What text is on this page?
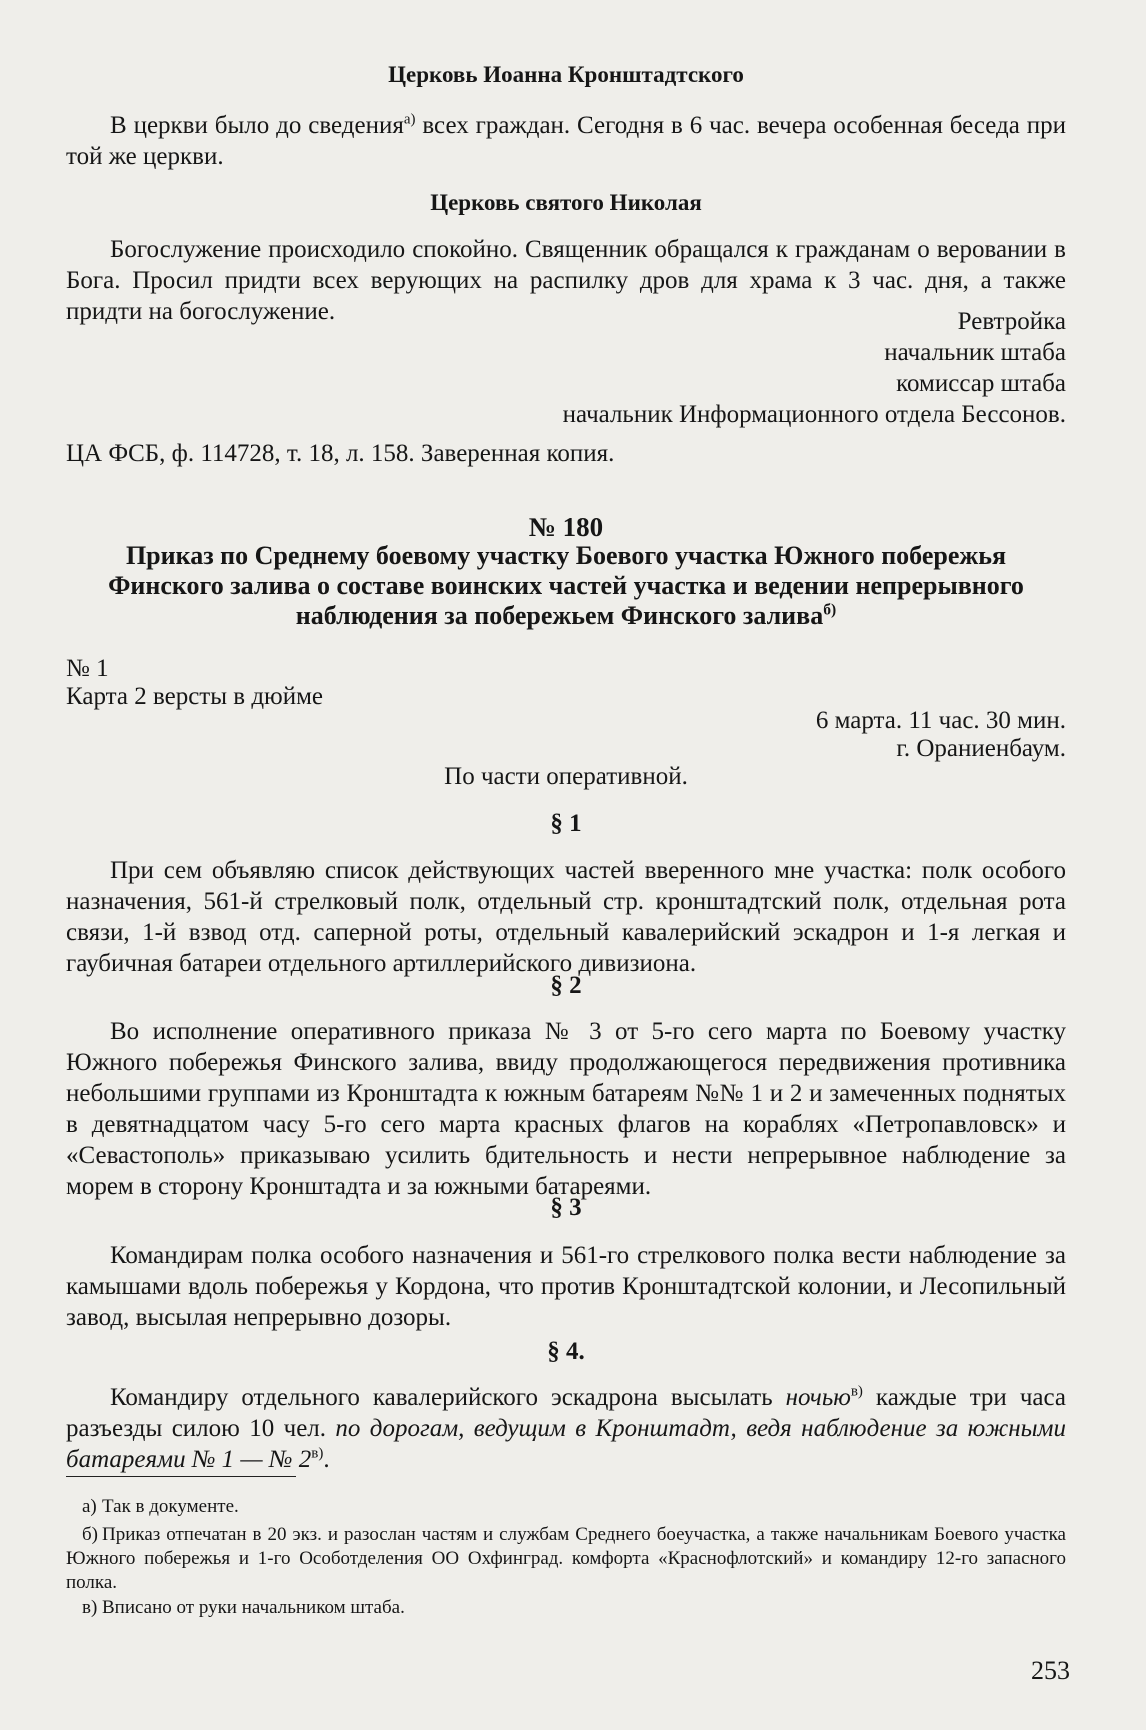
Церковь Иоанна Кронштадтского

В церкви было до сведения$^{а)}$ всех граждан. Сегодня в 6 час. вечера особенная беседа при той же церкви.

Церковь святого Николая

Богослужение происходило спокойно. Священник обращался к гражданам о веровании в Бога. Просил придти всех верующих на распилку дров для храма к 3 час. дня, а также придти на богослужение.	Ревтройка
начальник штаба
комиссар штаба
начальник Информационного отдела Бессонов.
ЦА ФСБ, ф. 114728, т. 18, л. 158. Заверенная копия.
№ 180
Приказ по Среднему боевому участку Боевого участка Южного побережья Финского залива о составе воинских частей участка и ведении непрерывного наблюдения за побережьем Финского залива$^{б)}$
№ 1
Карта 2 версты в дюйме
6 марта. 11 час. 30 мин.
г. Ораниенбаум.
По части оперативной.
§ 1

При сем объявляю список действующих частей вверенного мне участка: полк особого назначения, 561-й стрелковый полк, отдельный стр. кронштадтский полк, отдельная рота связи, 1-й взвод отд. саперной роты, отдельный кавалерийский эскадрон и 1-я легкая и гаубичная батареи отдельного артиллерийского дивизиона.

§ 2

Во исполнение оперативного приказа № 3 от 5-го сего марта по Боевому участку Южного побережья Финского залива, ввиду продолжающегося передвижения противника небольшими группами из Кронштадта к южным батареям №№ 1 и 2 и замеченных поднятых в девятнадцатом часу 5-го сего марта красных флагов на кораблях «Петропавловск» и «Севастополь» приказываю усилить бдительность и нести непрерывное наблюдение за морем в сторону Кронштадта и за южными батареями.

§ 3

Командирам полка особого назначения и 561-го стрелкового полка вести наблюдение за камышами вдоль побережья у Кордона, что против Кронштадтской колонии, и Лесопильный завод, высылая непрерывно дозоры.

§ 4.

Командиру отдельного кавалерийского эскадрона высылать ночью$^{в)}$ каждые три часа разъезды силою 10 чел. по дорогам, ведущим в Кронштадт, ведя наблюдение за южными батареями № 1 — № $2^{в)}$.

а) Так в документе.
б) Приказ отпечатан в 20 экз. и разослан частям и службам Среднего боеучастка, а также начальникам Боевого участка Южного побережья и 1-го Особотделения ОО Охфинград. комфорта «Краснофлотский» и командиру 12-го запасного полка.
в) Вписано от руки начальником штаба.
253
